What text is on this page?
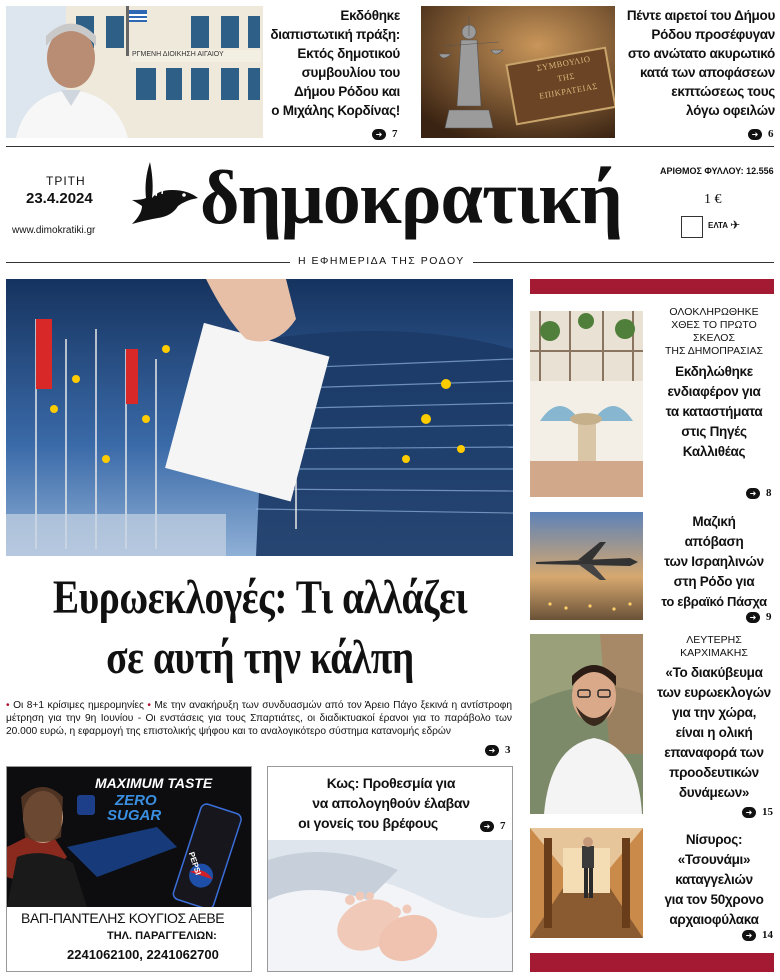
ΡΓΜΕΝΗ ΔΙΟΙΚΗΣΗ ΑΙΓΑΙΟΥ
Εκδόθηκε
διαπιστωτική πράξη:
Εκτός δημοτικού
συμβουλίου του
Δήμου Ρόδου και
ο Μιχάλης Κορδίνας!
➜ 7
ΣΥΜΒΟΥΛΙΟ
ΤΗΣ
ΕΠΙΚΡΑΤΕΙΑΣ
Πέντε αιρετοί του Δήμου
Ρόδου προσέφυγαν
στο ανώτατο ακυρωτικό
κατά των αποφάσεων
εκπτώσεως τους
λόγω οφειλών
➜ 6
ΤΡΙΤΗ
23.4.2024
www.dimokratiki.gr δημοκρατική	ΑΡΙΘΜΟΣ ΦΥΛΛΟΥ: 12.556
1 €
ΕΛΤΑ ✈
Η ΕΦΗΜΕΡΙΔΑ ΤΗΣ ΡΟΔΟΥ
Ευρωεκλογές: Τι αλλάζει
σε αυτή την κάλπη
• Οι 8+1 κρίσιμες ημερομηνίες • Με την ανακήρυξη των συνδυασμών από τον Άρειο Πάγο ξεκινά η αντίστροφη μέτρηση για την 9η Ιουνίου - Οι ενστάσεις για τους Σπαρτιάτες, οι διαδικτυακοί έρανοι για το παράβολο των 20.000 ευρώ, η εφαρμογή της επιστολικής ψήφου και το αναλογικότερο σύστημα κατανομής εδρών
➜ 3
MAXIMUM TASTE
ZERO
SUGAR
PEPSI
ΒΑΠ-ΠΑΝΤΕΛΗΣ ΚΟΥΓΙΟΣ ΑΕΒΕ
ΤΗΛ. ΠΑΡΑΓΓΕΛΙΩΝ:
2241062100, 2241062700
Κως: Προθεσμία για
να απολογηθούν έλαβαν
οι γονείς του βρέφους	➜ 7
ΟΛΟΚΛΗΡΩΘΗΚΕ
ΧΘΕΣ ΤΟ ΠΡΩΤΟ
ΣΚΕΛΟΣ
ΤΗΣ ΔΗΜΟΠΡΑΣΙΑΣ
Εκδηλώθηκε
ενδιαφέρον για
τα καταστήματα
στις Πηγές
Καλλιθέας
➜ 8
Μαζική
απόβαση
των Ισραηλινών
στη Ρόδο για
το εβραϊκό Πάσχα
➜ 9
ΛΕΥΤΕΡΗΣ
ΚΑΡΧΙΜΑΚΗΣ
«Το διακύβευμα
των ευρωεκλογών
για την χώρα,
είναι η ολική
επαναφορά των
προοδευτικών
δυνάμεων»
➜ 15
Νίσυρος:
«Τσουνάμι»
καταγγελιών
για τον 50χρονο
αρχαιοφύλακα
➜ 14
